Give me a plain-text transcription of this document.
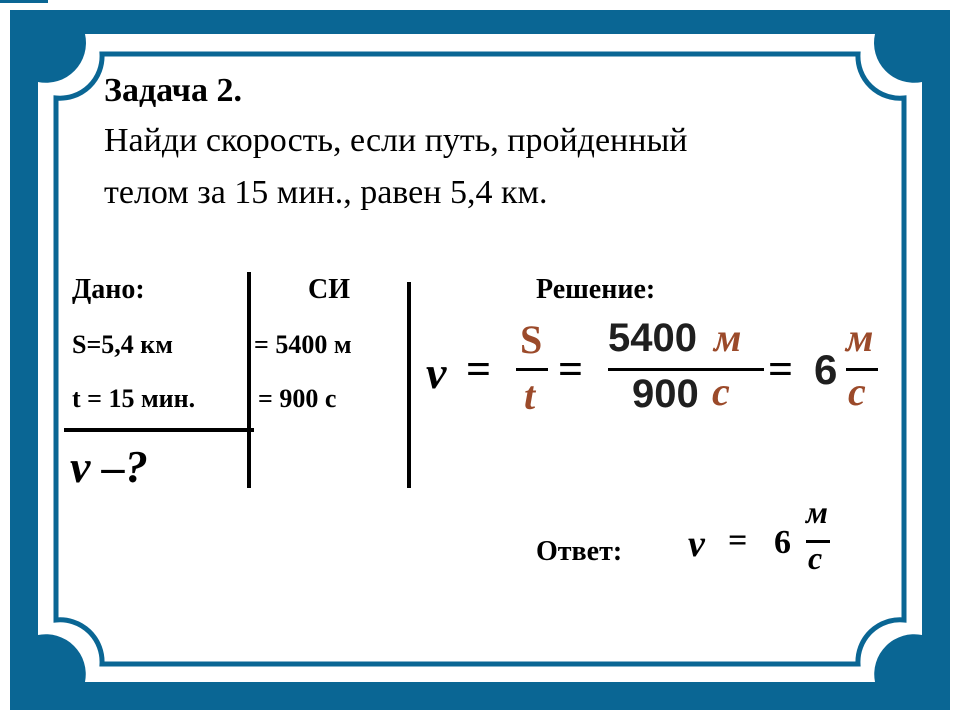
Задача 2.
Найди скорость, если путь, пройденный
телом за 15 мин., равен 5,4 км.
Дано:	СИ	Решение:
S=5,4 км	= 5400 м
t = 15 мин. = 900 с
v –?
v =
S
t
=
5400 м
900 с = 6
м
с
Ответ: v = 6
м
с
